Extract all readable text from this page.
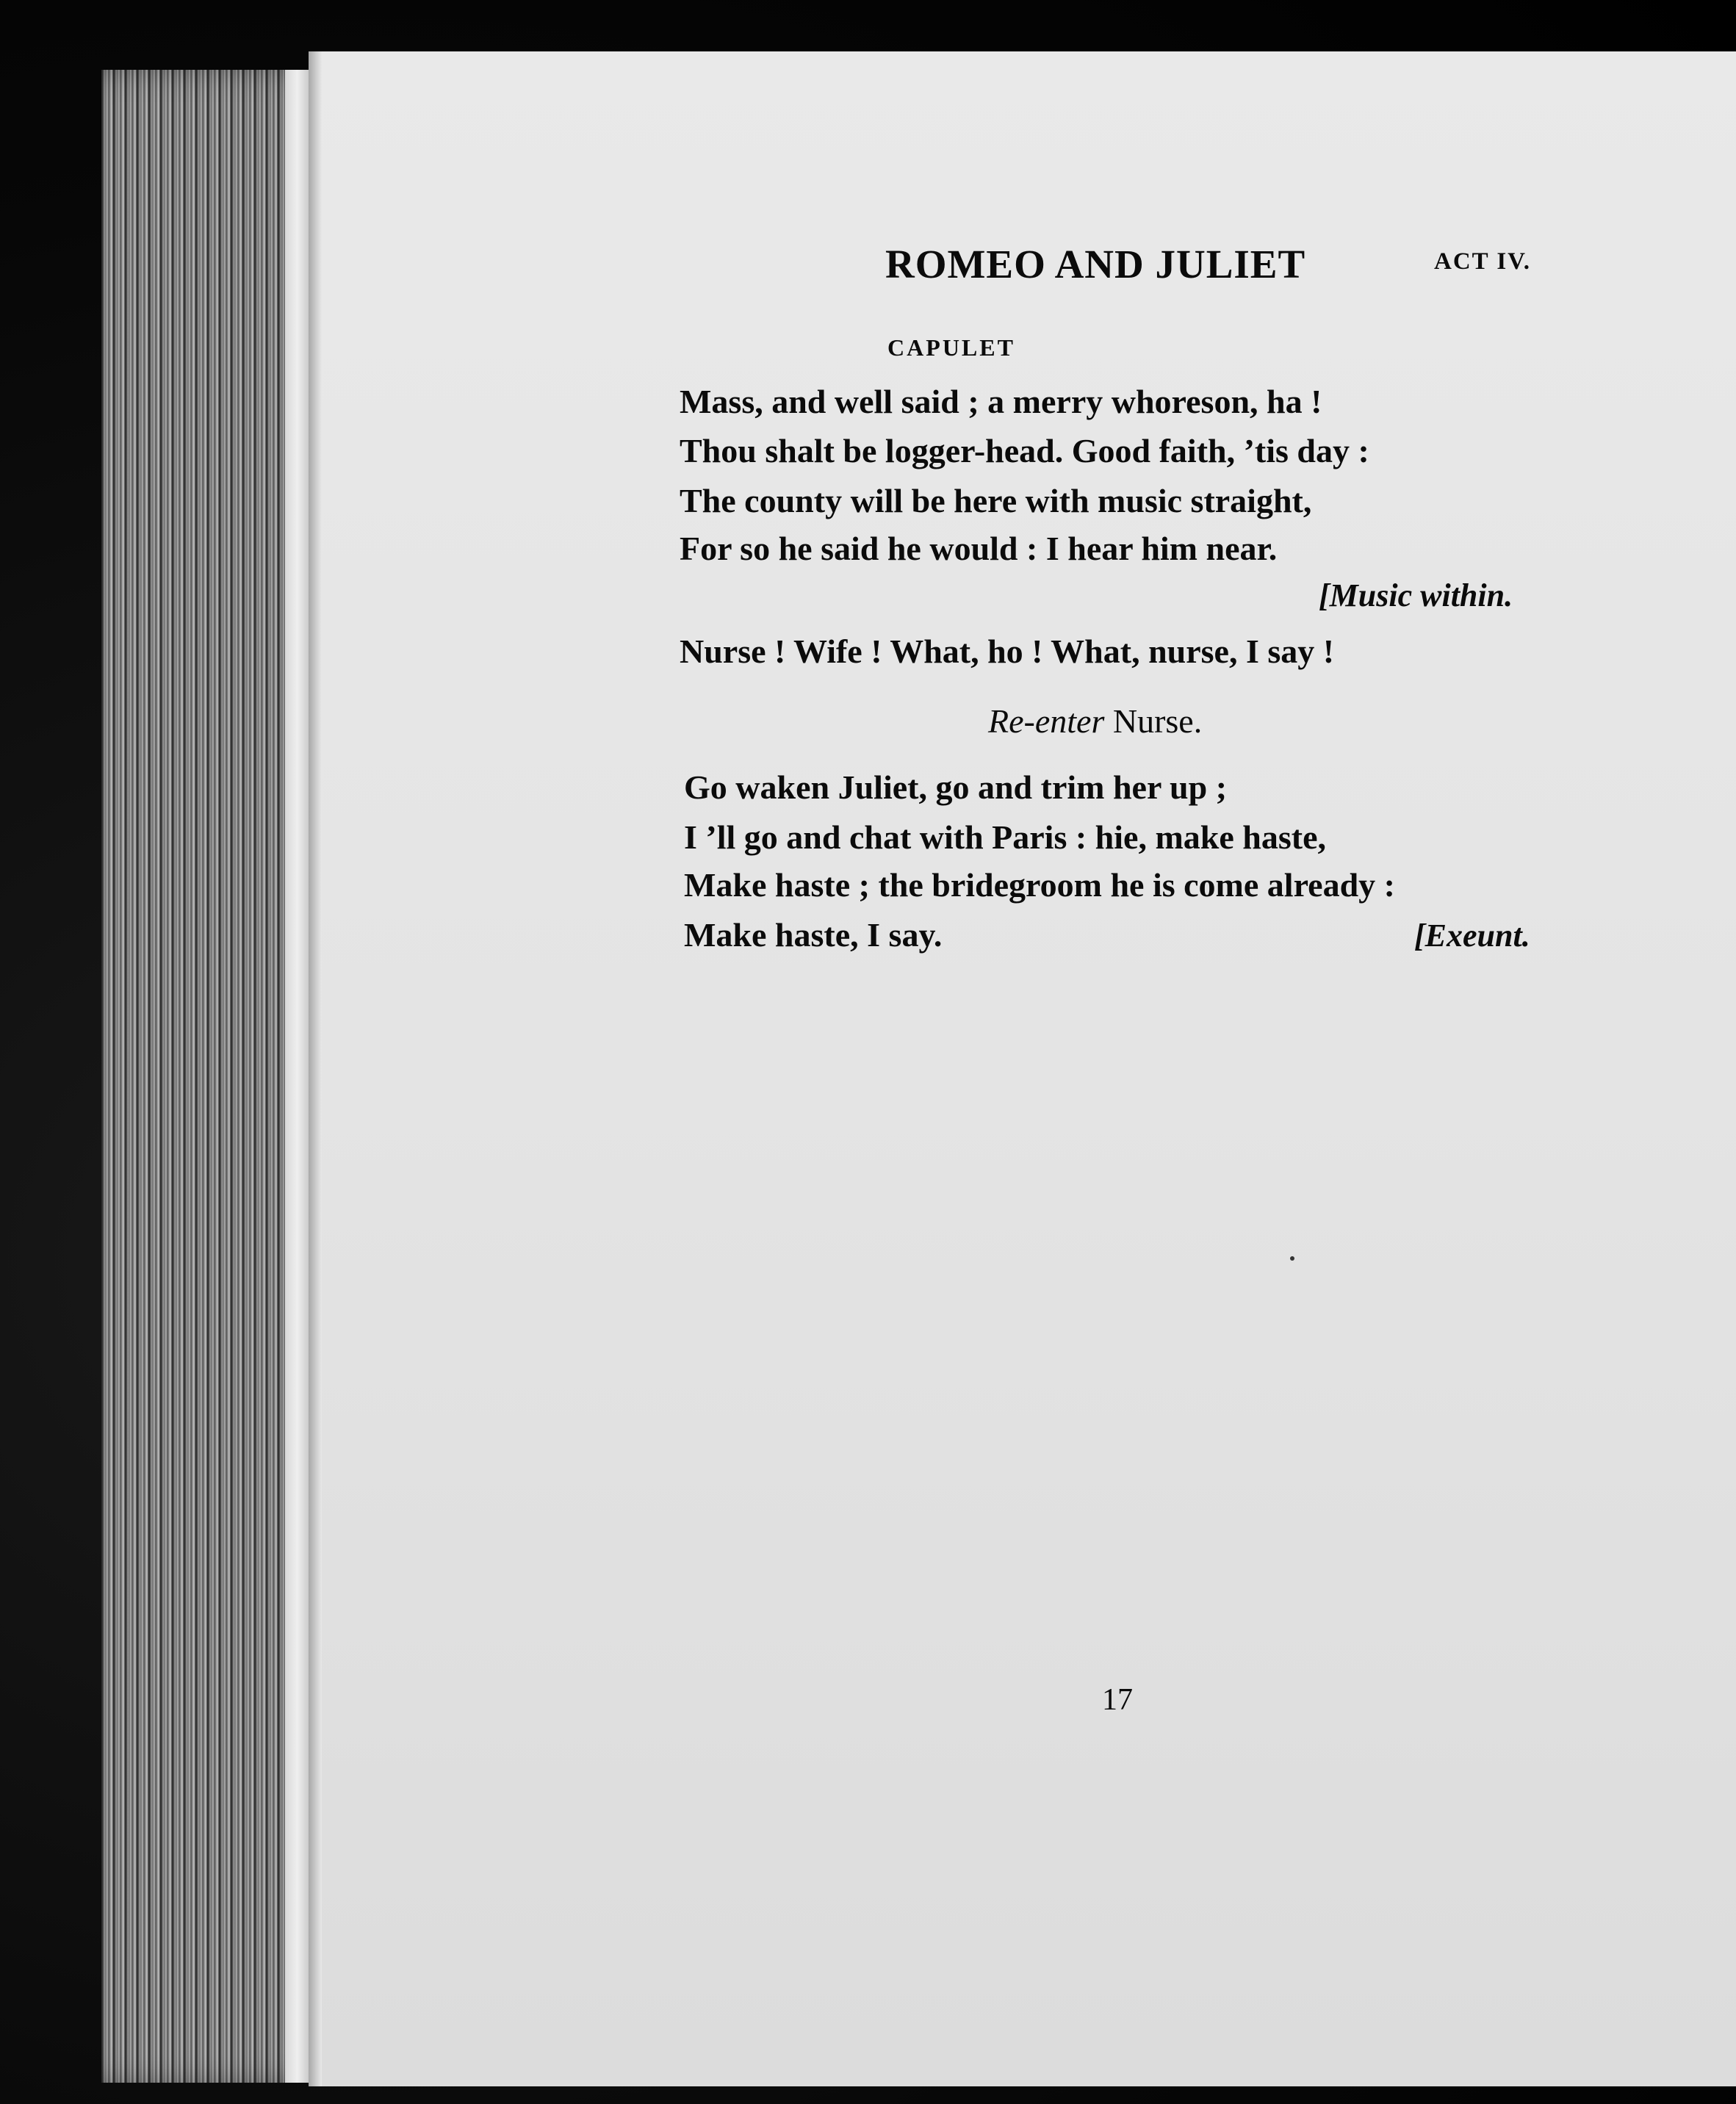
ROMEO AND JULIET	ACT IV.
CAPULET
Mass, and well said ; a merry whoreson, ha !
Thou shalt be logger-head. Good faith, ’tis day :
The county will be here with music straight,
For so he said he would : I hear him near.
[Music within.
Nurse ! Wife ! What, ho ! What, nurse, I say !
Re-enter Nurse.
Go waken Juliet, go and trim her up ;
I ’ll go and chat with Paris : hie, make haste,
Make haste ; the bridegroom he is come already :
Make haste, I say.	[Exeunt.
17
